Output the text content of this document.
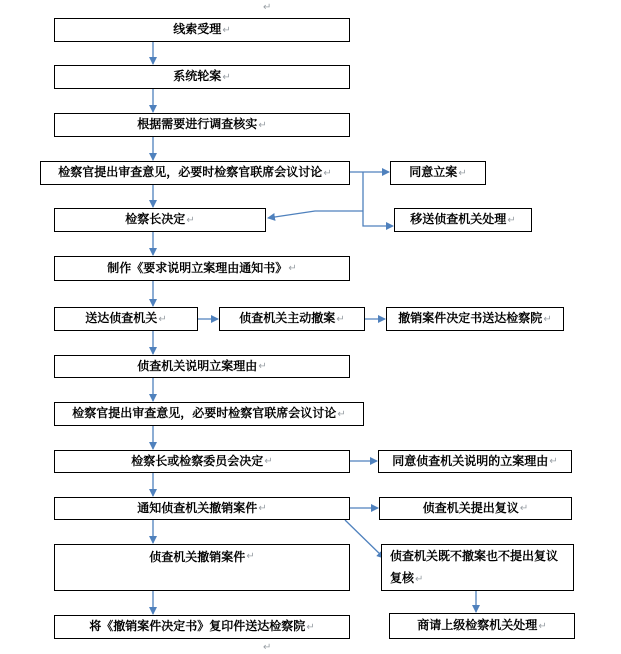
↵
↵
线索受理 ↵
系统轮案 ↵
根据需要进行调查核实 ↵
检察官提出审查意见，必要时检察官联席会议讨论 ↵
检察长决定 ↵
制作《要求说明立案理由通知书》 ↵
送达侦查机关 ↵
侦查机关说明立案理由 ↵
检察官提出审查意见，必要时检察官联席会议讨论 ↵
检察长或检察委员会决定 ↵
通知侦查机关撤销案件 ↵
侦查机关撤销案件 ↵
将《撤销案件决定书》复印件送达检察院 ↵
同意立案 ↵
移送侦查机关处理 ↵
侦查机关主动撤案 ↵	撤销案件决定书送达检察院 ↵
同意侦查机关说明的立案理由 ↵
侦查机关提出复议 ↵
侦查机关既不撤案也不提出复议复核↵
商请上级检察机关处理 ↵
